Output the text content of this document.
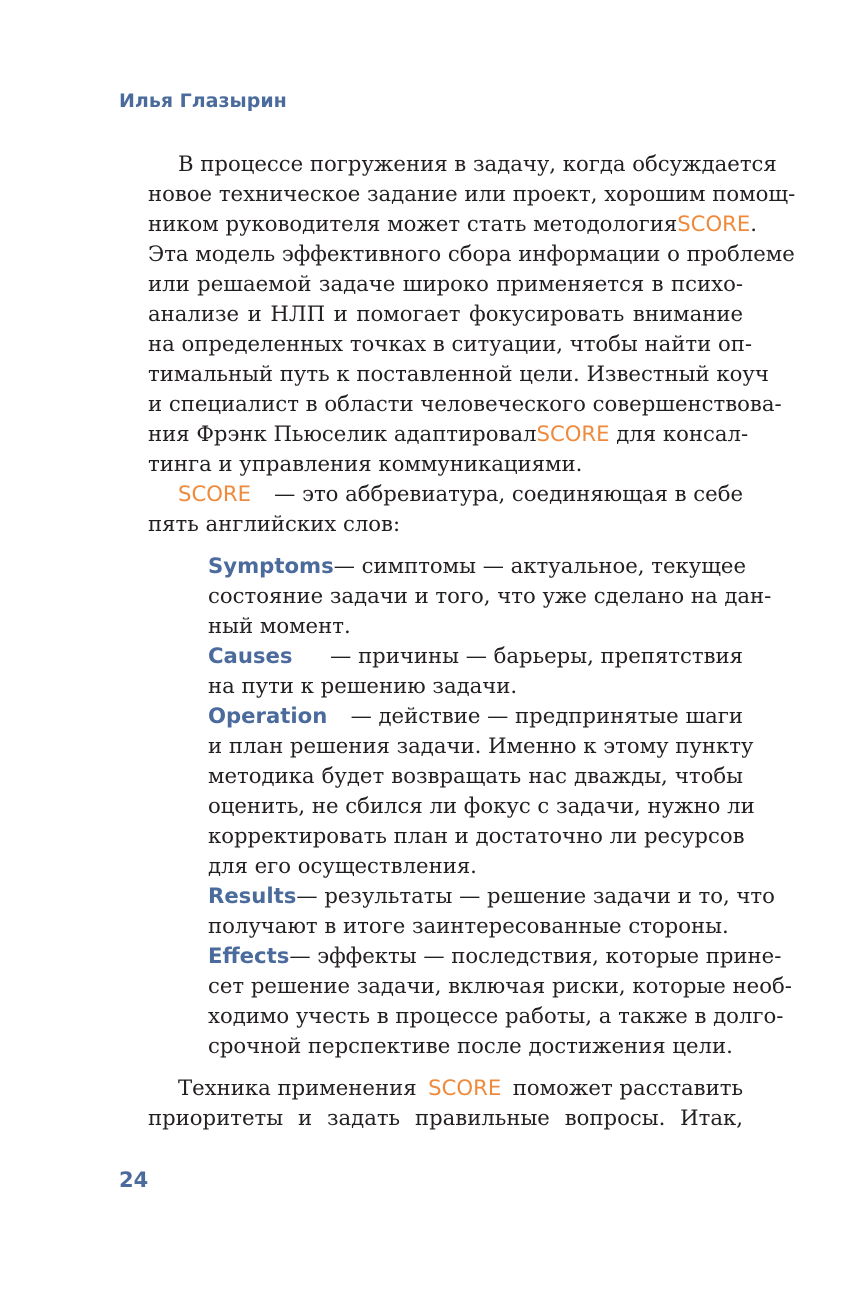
Илья Глазырин
В процессе погружения в задачу, когда обсуждается
новое техническое задание или проект, хорошим помощ-
ником руководителя может стать методология SCORE.
Эта модель эффективного сбора информации о проблеме
или решаемой задаче широко применяется в психо-
анализе и НЛП и помогает фокусировать внимание
на определенных точках в ситуации, чтобы найти оп-
тимальный путь к поставленной цели. Известный коуч
и специалист в области человеческого совершенствова-
ния Фрэнк Пьюселик адаптировал SCORE для консал-
тинга и управления коммуникациями.
SCORE — это аббревиатура, соединяющая в себе
пять английских слов:
Symptoms — симптомы — актуальное, текущее
состояние задачи и того, что уже сделано на дан-
ный момент.
Causes — причины — барьеры, препятствия
на пути к решению задачи.
Operation — действие — предпринятые шаги
и план решения задачи. Именно к этому пункту
методика будет возвращать нас дважды, чтобы
оценить, не сбился ли фокус с задачи, нужно ли
корректировать план и достаточно ли ресурсов
для его осуществления.
Results — результаты — решение задачи и то, что
получают в итоге заинтересованные стороны.
Effects — эффекты — последствия, которые прине-
сет решение задачи, включая риски, которые необ-
ходимо учесть в процессе работы, а также в долго-
срочной перспективе после достижения цели.
Техника применения SCORE поможет расставить
приоритеты и задать правильные вопросы. Итак,
24
